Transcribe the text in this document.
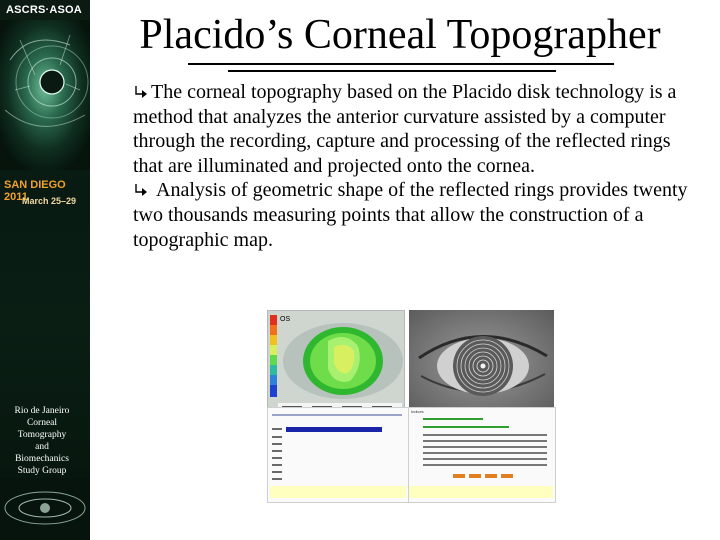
ASCRS·ASOA
SAN DIEGO 2011
March 25–29
Rio de Janeiro
Corneal
Tomography
and
Biomechanics
Study Group
Placido’s Corneal Topographer
The corneal topography based on the Placido disk technology is a method that analyzes the anterior curvature assisted by a computer through the recording, capture and processing of the reflected rings that are illuminated and projected onto the cornea.
Analysis of geometric shape of the reflected rings provides twenty two thousands measuring points that allow the construction of a topographic map.
OS
Indices
